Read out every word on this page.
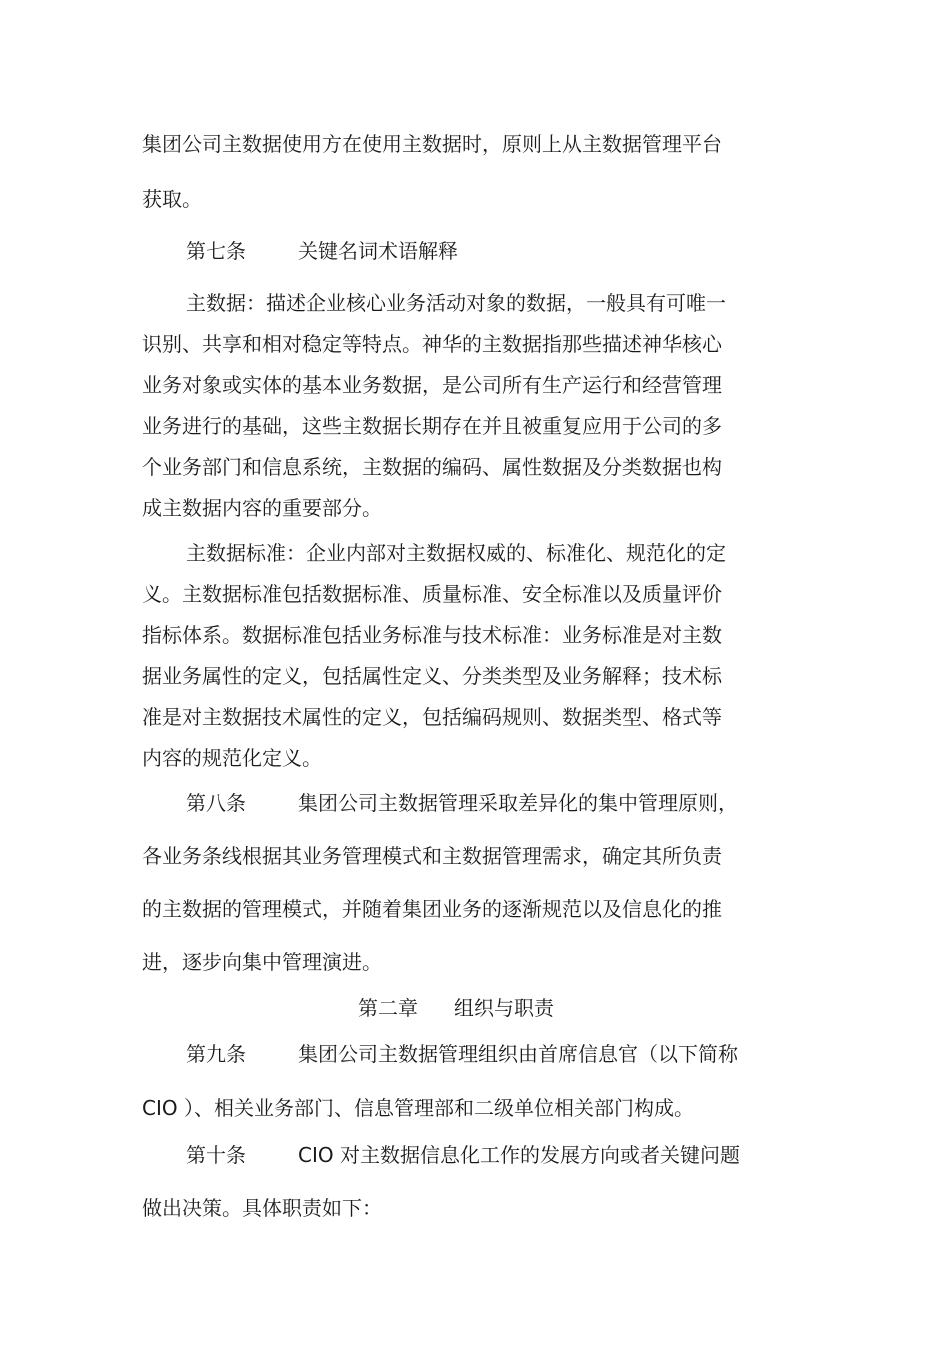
集团公司主数据使用方在使用主数据时，原则上从主数据管理平台

获取。

第七条	关键名词术语解释

主数据：描述企业核心业务活动对象的数据，一般具有可唯一

识别、共享和相对稳定等特点。神华的主数据指那些描述神华核心

业务对象或实体的基本业务数据，是公司所有生产运行和经营管理

业务进行的基础，这些主数据长期存在并且被重复应用于公司的多

个业务部门和信息系统，主数据的编码、属性数据及分类数据也构

成主数据内容的重要部分。

主数据标准：企业内部对主数据权威的、标准化、规范化的定

义。主数据标准包括数据标准、质量标准、安全标准以及质量评价

指标体系。数据标准包括业务标准与技术标准：业务标准是对主数

据业务属性的定义，包括属性定义、分类类型及业务解释；技术标

准是对主数据技术属性的定义，包括编码规则、数据类型、格式等

内容的规范化定义。

第八条	集团公司主数据管理采取差异化的集中管理原则，

各业务条线根据其业务管理模式和主数据管理需求，确定其所负责

的主数据的管理模式，并随着集团业务的逐渐规范以及信息化的推

进，逐步向集中管理演进。

第二章 组织与职责

第九条	集团公司主数据管理组织由首席信息官（以下简称

CIO ）、相关业务部门、信息管理部和二级单位相关部门构成。

第十条	CIO 对主数据信息化工作的发展方向或者关键问题

做出决策。具体职责如下：
